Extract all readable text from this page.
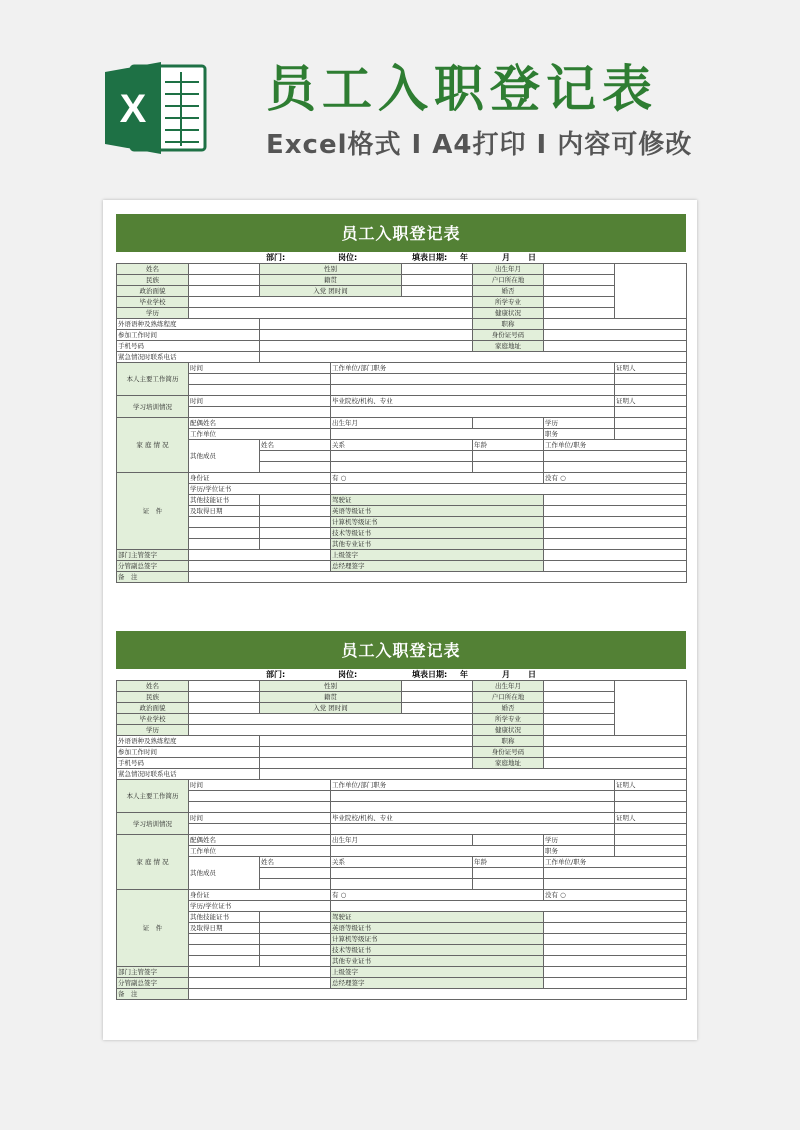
X 员工入职登记表
Excel格式 I A4打印 I 内容可修改
员工入职登记表
部门:	岗位:	填表日期: 年	月 日
姓名		性别			出生年月		
民族		籍贯			户口所在地		
政治面貌		入党 团时间			婚否		
毕业学校					所学专业		
学历					健康状况		
外语语种及熟练程度					职称		
参加工作时间					身份证号码		
手机号码					家庭地址		
紧急情况时联系电话							
本人主要工作简历	时间		工作单位/部门职务				证明人

学习培训情况	时间		毕业院校/机构、专业				证明人

家 庭 情 况	配偶姓名		出生年月			学历	
	工作单位					职务	
	其他成员	姓名	关系		年龄	工作单位/职务	

证　件	身份证		有 ○			没有 ○	
	学历/学位证书						
	其他技能证书		驾驶证				
	及取得日期		英语等级证书				
			计算机等级证书				
			技术等级证书				
			其他专业证书				
部门主管签字			上级签字				
分管副总签字			总经理签字				
备　注							
员工入职登记表
部门:	岗位:	填表日期: 年	月 日
姓名		性别			出生年月		
民族		籍贯			户口所在地		
政治面貌		入党 团时间			婚否		
毕业学校					所学专业		
学历					健康状况		
外语语种及熟练程度					职称		
参加工作时间					身份证号码		
手机号码					家庭地址		
紧急情况时联系电话							
本人主要工作简历	时间		工作单位/部门职务				证明人

学习培训情况	时间		毕业院校/机构、专业				证明人

家 庭 情 况	配偶姓名		出生年月			学历	
	工作单位					职务	
	其他成员	姓名	关系		年龄	工作单位/职务	

证　件	身份证		有 ○			没有 ○	
	学历/学位证书						
	其他技能证书		驾驶证				
	及取得日期		英语等级证书				
			计算机等级证书				
			技术等级证书				
			其他专业证书				
部门主管签字			上级签字				
分管副总签字			总经理签字				
备　注							
